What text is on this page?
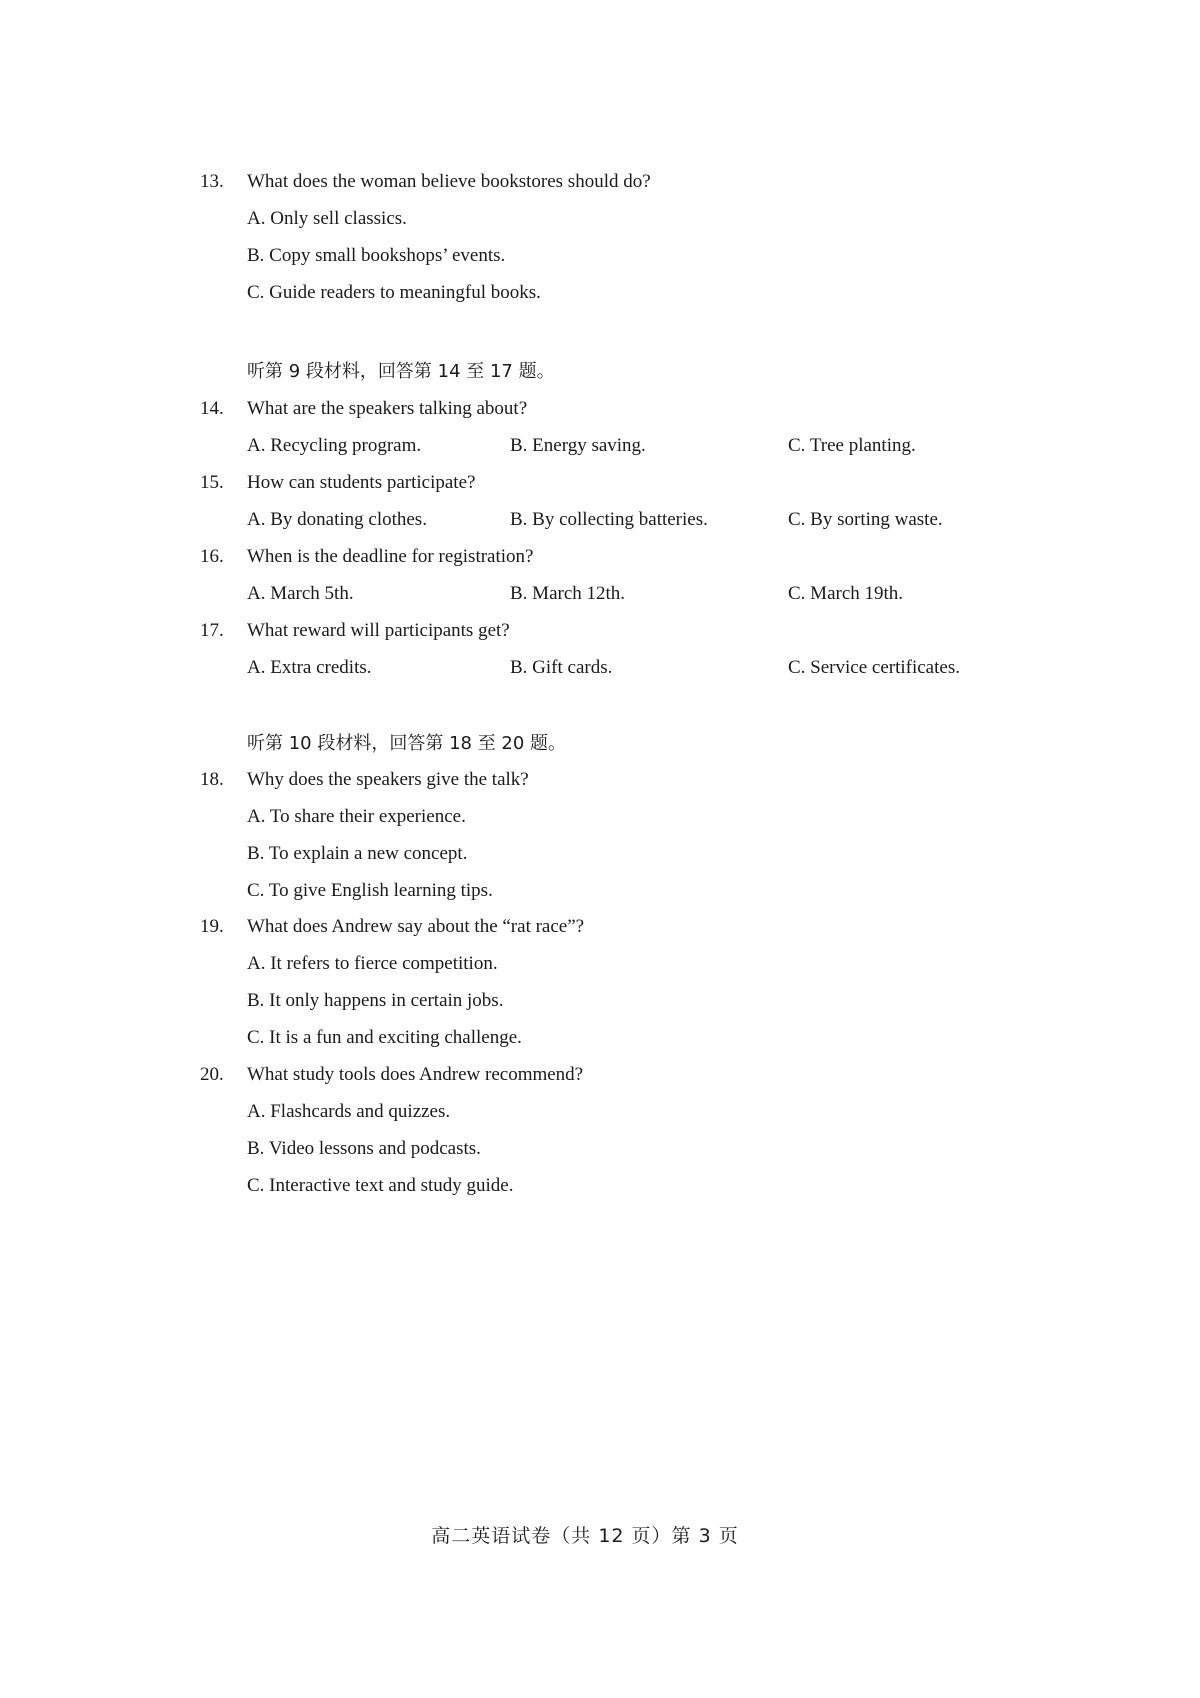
13.	What does the woman believe bookstores should do?
A. Only sell classics.
B. Copy small bookshops’ events.
C. Guide readers to meaningful books.
听第 9 段材料，回答第 14 至 17 题。
14.	What are the speakers talking about?
A. Recycling program.	B. Energy saving.	C. Tree planting.
15.	How can students participate?
A. By donating clothes.	B. By collecting batteries.	C. By sorting waste.
16.	When is the deadline for registration?
A. March 5th.	B. March 12th.	C. March 19th.
17.	What reward will participants get?
A. Extra credits.	B. Gift cards.	C. Service certificates.
听第 10 段材料，回答第 18 至 20 题。
18.	Why does the speakers give the talk?
A. To share their experience.
B. To explain a new concept.
C. To give English learning tips.
19.	What does Andrew say about the “rat race”?
A. It refers to fierce competition.
B. It only happens in certain jobs.
C. It is a fun and exciting challenge.
20.	What study tools does Andrew recommend?
A. Flashcards and quizzes.
B. Video lessons and podcasts.
C. Interactive text and study guide.
高二英语试卷（共 12 页）第 3 页
